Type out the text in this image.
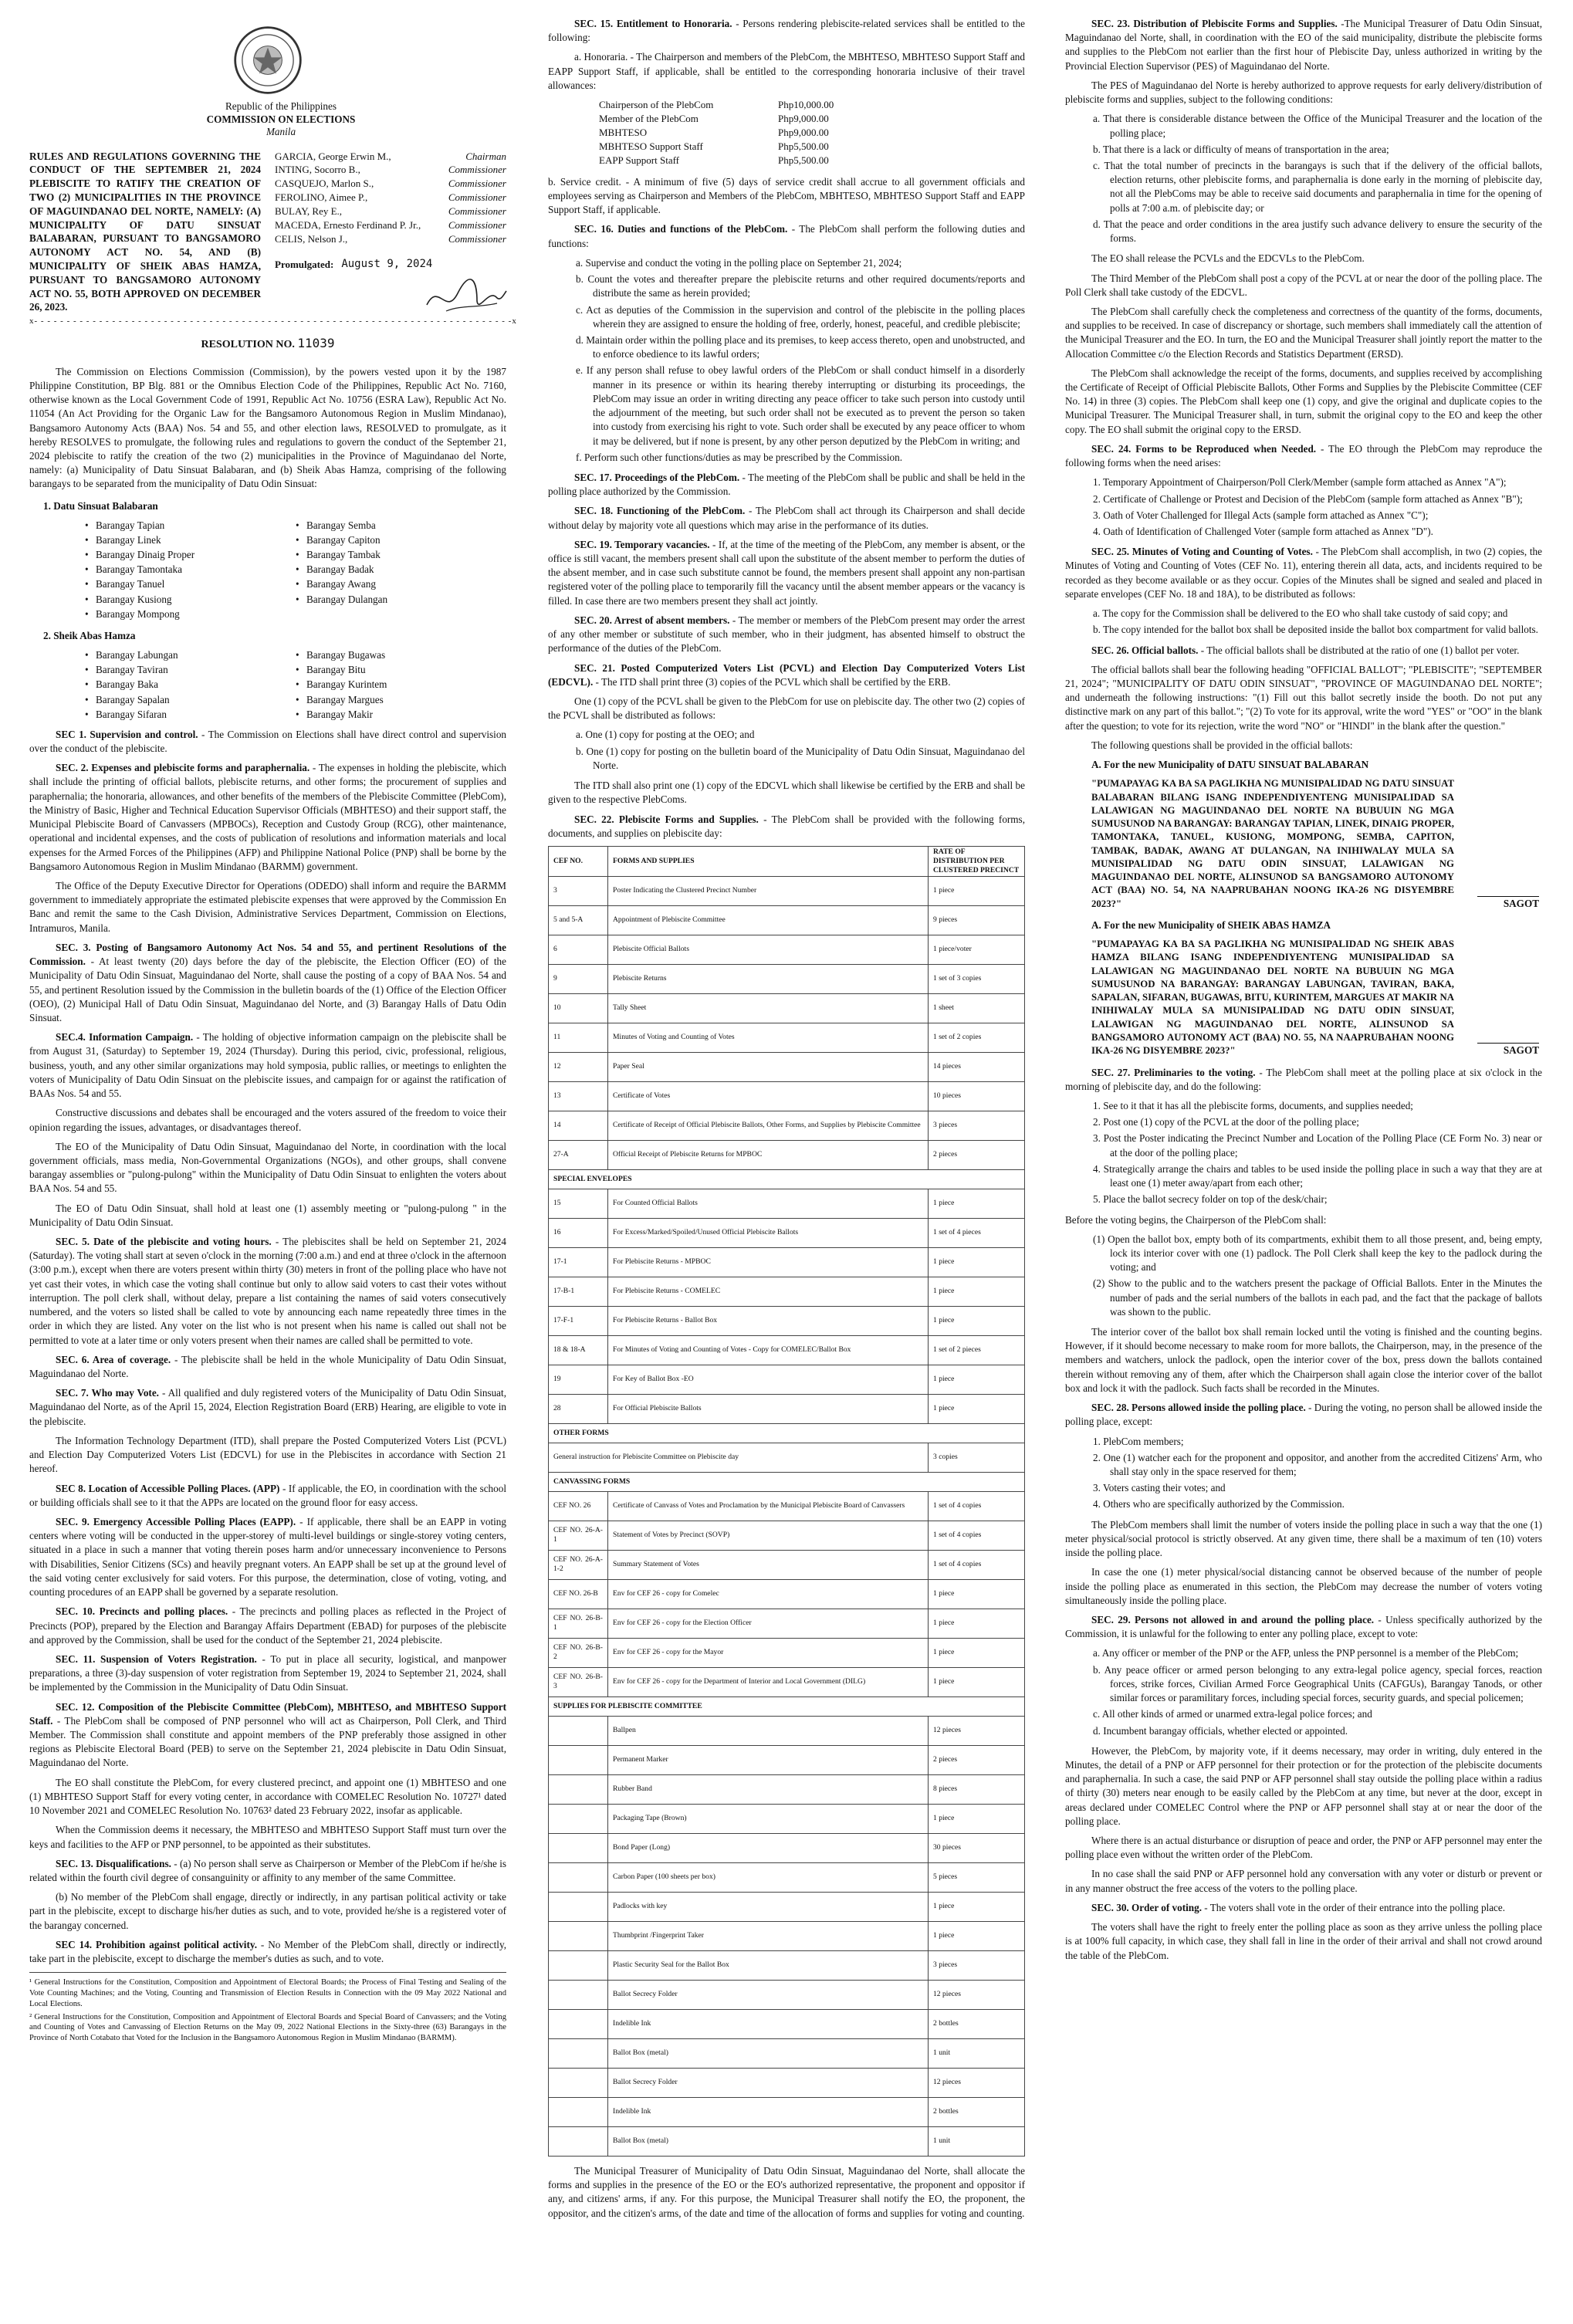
Republic of the Philippines

COMMISSION ON ELECTIONS

Manila

RULES AND REGULATIONS GOVERNING THE CONDUCT OF THE SEPTEMBER 21, 2024 PLEBISCITE TO RATIFY THE CREATION OF TWO (2) MUNICIPALITIES IN THE PROVINCE OF MAGUINDANAO DEL NORTE, NAMELY: (A) MUNICIPALITY OF DATU SINSUAT BALABARAN, PURSUANT TO BANGSAMORO AUTONOMY ACT NO. 54, AND (B) MUNICIPALITY OF SHEIK ABAS HAMZA, PURSUANT TO BANGSAMORO AUTONOMY ACT NO. 55, BOTH APPROVED ON DECEMBER 26, 2023.
GARCIA, George Erwin M.,	Chairman
INTING, Socorro B.,	Commissioner
CASQUEJO, Marlon S.,	Commissioner
FEROLINO, Aimee P.,	Commissioner
BULAY, Rey E.,	Commissioner
MACEDA, Ernesto Ferdinand P. Jr.,	Commissioner
CELIS, Nelson J.,	Commissioner
Promulgated: August 9, 2024
x- - - - - - - - - - - - - - - - - - - - - - - - - - - - - - - - - - - - - - - - - - - - - - - - - - - - - - - - - - - - - - - - - - - - - - - - - -x
RESOLUTION NO. 11039

The Commission on Elections Commission (Commission), by the powers vested upon it by the 1987 Philippine Constitution, BP Blg. 881 or the Omnibus Election Code of the Philippines, Republic Act No. 7160, otherwise known as the Local Government Code of 1991, Republic Act No. 10756 (ESRA Law), Republic Act No. 11054 (An Act Providing for the Organic Law for the Bangsamoro Autonomous Region in Muslim Mindanao), Bangsamoro Autonomy Acts (BAA) Nos. 54 and 55, and other election laws, RESOLVED to promulgate, as it hereby RESOLVES to promulgate, the following rules and regulations to govern the conduct of the September 21, 2024 plebiscite to ratify the creation of the two (2) municipalities in the Province of Maguindanao del Norte, namely: (a) Municipality of Datu Sinsuat Balabaran, and (b) Sheik Abas Hamza, comprising of the following barangays to be separated from the municipality of Datu Odin Sinsuat:

1. Datu Sinsuat Balabaran
• Barangay Tapian	• Barangay Semba
• Barangay Linek	• Barangay Capiton
• Barangay Dinaig Proper	• Barangay Tambak
• Barangay Tamontaka	• Barangay Badak
• Barangay Tanuel	• Barangay Awang
• Barangay Kusiong	• Barangay Dulangan
• Barangay Mompong
2. Sheik Abas Hamza
• Barangay Labungan	• Barangay Bugawas
• Barangay Taviran	• Barangay Bitu
• Barangay Baka	• Barangay Kurintem
• Barangay Sapalan	• Barangay Margues
• Barangay Sifaran	• Barangay Makir

SEC 1. Supervision and control. - The Commission on Elections shall have direct control and supervision over the conduct of the plebiscite.

SEC. 2. Expenses and plebiscite forms and paraphernalia. - The expenses in holding the plebiscite, which shall include the printing of official ballots, plebiscite returns, and other forms; the procurement of supplies and paraphernalia; the honoraria, allowances, and other benefits of the members of the Plebiscite Committee (PlebCom), the Ministry of Basic, Higher and Technical Education Supervisor Officials (MBHTESO) and their support staff, the Municipal Plebiscite Board of Canvassers (MPBOCs), Reception and Custody Group (RCG), other maintenance, operational and incidental expenses, and the costs of publication of resolutions and information materials and local expenses for the Armed Forces of the Philippines (AFP) and Philippine National Police (PNP) shall be borne by the Bangsamoro Autonomous Region in Muslim Mindanao (BARMM) government.

The Office of the Deputy Executive Director for Operations (ODEDO) shall inform and require the BARMM government to immediately appropriate the estimated plebiscite expenses that were approved by the Commission En Banc and remit the same to the Cash Division, Administrative Services Department, Commission on Elections, Intramuros, Manila.

SEC. 3. Posting of Bangsamoro Autonomy Act Nos. 54 and 55, and pertinent Resolutions of the Commission. - At least twenty (20) days before the day of the plebiscite, the Election Officer (EO) of the Municipality of Datu Odin Sinsuat, Maguindanao del Norte, shall cause the posting of a copy of BAA Nos. 54 and 55, and pertinent Resolution issued by the Commission in the bulletin boards of the (1) Office of the Election Officer (OEO), (2) Municipal Hall of Datu Odin Sinsuat, Maguindanao del Norte, and (3) Barangay Halls of Datu Odin Sinsuat.

SEC.4. Information Campaign. - The holding of objective information campaign on the plebiscite shall be from August 31, (Saturday) to September 19, 2024 (Thursday). During this period, civic, professional, religious, business, youth, and any other similar organizations may hold symposia, public rallies, or meetings to enlighten the voters of Municipality of Datu Odin Sinsuat on the plebiscite issues, and campaign for or against the ratification of BAAs Nos. 54 and 55.

Constructive discussions and debates shall be encouraged and the voters assured of the freedom to voice their opinion regarding the issues, advantages, or disadvantages thereof.

The EO of the Municipality of Datu Odin Sinsuat, Maguindanao del Norte, in coordination with the local government officials, mass media, Non-Governmental Organizations (NGOs), and other groups, shall convene barangay assemblies or "pulong-pulong" within the Municipality of Datu Odin Sinsuat to enlighten the voters about BAA Nos. 54 and 55.

The EO of Datu Odin Sinsuat, shall hold at least one (1) assembly meeting or "pulong-pulong " in the Municipality of Datu Odin Sinsuat.

SEC. 5. Date of the plebiscite and voting hours. - The plebiscites shall be held on September 21, 2024 (Saturday). The voting shall start at seven o'clock in the morning (7:00 a.m.) and end at three o'clock in the afternoon (3:00 p.m.), except when there are voters present within thirty (30) meters in front of the polling place who have not yet cast their votes, in which case the voting shall continue but only to allow said voters to cast their votes without interruption. The poll clerk shall, without delay, prepare a list containing the names of said voters consecutively numbered, and the voters so listed shall be called to vote by announcing each name repeatedly three times in the order in which they are listed. Any voter on the list who is not present when his name is called out shall not be permitted to vote at a later time or only voters present when their names are called shall be permitted to vote.

SEC. 6. Area of coverage. - The plebiscite shall be held in the whole Municipality of Datu Odin Sinsuat, Maguindanao del Norte.

SEC. 7. Who may Vote. - All qualified and duly registered voters of the Municipality of Datu Odin Sinsuat, Maguindanao del Norte, as of the April 15, 2024, Election Registration Board (ERB) Hearing, are eligible to vote in the plebiscite.

The Information Technology Department (ITD), shall prepare the Posted Computerized Voters List (PCVL) and Election Day Computerized Voters List (EDCVL) for use in the Plebiscites in accordance with Section 21 hereof.

SEC 8. Location of Accessible Polling Places. (APP) - If applicable, the EO, in coordination with the school or building officials shall see to it that the APPs are located on the ground floor for easy access.

SEC. 9. Emergency Accessible Polling Places (EAPP). - If applicable, there shall be an EAPP in voting centers where voting will be conducted in the upper-storey of multi-level buildings or single-storey voting centers, situated in a place in such a manner that voting therein poses harm and/or unnecessary inconvenience to Persons with Disabilities, Senior Citizens (SCs) and heavily pregnant voters. An EAPP shall be set up at the ground level of the said voting center exclusively for said voters. For this purpose, the determination, close of voting, voting, and counting procedures of an EAPP shall be governed by a separate resolution.

SEC. 10. Precincts and polling places. - The precincts and polling places as reflected in the Project of Precincts (POP), prepared by the Election and Barangay Affairs Department (EBAD) for purposes of the plebiscite and approved by the Commission, shall be used for the conduct of the September 21, 2024 plebiscite.

SEC. 11. Suspension of Voters Registration. - To put in place all security, logistical, and manpower preparations, a three (3)-day suspension of voter registration from September 19, 2024 to September 21, 2024, shall be implemented by the Commission in the Municipality of Datu Odin Sinsuat.

SEC. 12. Composition of the Plebiscite Committee (PlebCom), MBHTESO, and MBHTESO Support Staff. - The PlebCom shall be composed of PNP personnel who will act as Chairperson, Poll Clerk, and Third Member. The Commission shall constitute and appoint members of the PNP preferably those assigned in other regions as Plebiscite Electoral Board (PEB) to serve on the September 21, 2024 plebiscite in Datu Odin Sinsuat, Maguindanao del Norte.

The EO shall constitute the PlebCom, for every clustered precinct, and appoint one (1) MBHTESO and one (1) MBHTESO Support Staff for every voting center, in accordance with COMELEC Resolution No. 10727¹ dated 10 November 2021 and COMELEC Resolution No. 10763² dated 23 February 2022, insofar as applicable.

When the Commission deems it necessary, the MBHTESO and MBHTESO Support Staff must turn over the keys and facilities to the AFP or PNP personnel, to be appointed as their substitutes.

SEC. 13. Disqualifications. - (a) No person shall serve as Chairperson or Member of the PlebCom if he/she is related within the fourth civil degree of consanguinity or affinity to any member of the same Committee.

(b) No member of the PlebCom shall engage, directly or indirectly, in any partisan political activity or take part in the plebiscite, except to discharge his/her duties as such, and to vote, provided he/she is a registered voter of the barangay concerned.

SEC 14. Prohibition against political activity. - No Member of the PlebCom shall, directly or indirectly, take part in the plebiscite, except to discharge the member's duties as such, and to vote.

¹ General Instructions for the Constitution, Composition and Appointment of Electoral Boards; the Process of Final Testing and Sealing of the Vote Counting Machines; and the Voting, Counting and Transmission of Election Results in Connection with the 09 May 2022 National and Local Elections.
² General Instructions for the Constitution, Composition and Appointment of Electoral Boards and Special Board of Canvassers; and the Voting and Counting of Votes and Canvassing of Election Returns on the May 09, 2022 National Elections in the Sixty-three (63) Barangays in the Province of North Cotabato that Voted for the Inclusion in the Bangsamoro Autonomous Region in Muslim Mindanao (BARMM).

SEC. 15. Entitlement to Honoraria. - Persons rendering plebiscite-related services shall be entitled to the following:

a. Honoraria. - The Chairperson and members of the PlebCom, the MBHTESO, MBHTESO Support Staff and EAPP Support Staff, if applicable, shall be entitled to the corresponding honoraria inclusive of their travel allowances:

Chairperson of the PlebCom	Php10,000.00
Member of the PlebCom	Php9,000.00
MBHTESO	Php9,000.00
MBHTESO Support Staff	Php5,500.00
EAPP Support Staff	Php5,500.00

b. Service credit. - A minimum of five (5) days of service credit shall accrue to all government officials and employees serving as Chairperson and Members of the PlebCom, MBHTESO, MBHTESO Support Staff and EAPP Support Staff, if applicable.

SEC. 16. Duties and functions of the PlebCom. - The PlebCom shall perform the following duties and functions:

a. Supervise and conduct the voting in the polling place on September 21, 2024;
b. Count the votes and thereafter prepare the plebiscite returns and other required documents/reports and distribute the same as herein provided;
c. Act as deputies of the Commission in the supervision and control of the plebiscite in the polling places wherein they are assigned to ensure the holding of free, orderly, honest, peaceful, and credible plebiscite;
d. Maintain order within the polling place and its premises, to keep access thereto, open and unobstructed, and to enforce obedience to its lawful orders;
e. If any person shall refuse to obey lawful orders of the PlebCom or shall conduct himself in a disorderly manner in its presence or within its hearing thereby interrupting or disturbing its proceedings, the PlebCom may issue an order in writing directing any peace officer to take such person into custody until the adjournment of the meeting, but such order shall not be executed as to prevent the person so taken into custody from exercising his right to vote. Such order shall be executed by any peace officer to whom it may be delivered, but if none is present, by any other person deputized by the PlebCom in writing; and
f. Perform such other functions/duties as may be prescribed by the Commission.

SEC. 17. Proceedings of the PlebCom. - The meeting of the PlebCom shall be public and shall be held in the polling place authorized by the Commission.

SEC. 18. Functioning of the PlebCom. - The PlebCom shall act through its Chairperson and shall decide without delay by majority vote all questions which may arise in the performance of its duties.

SEC. 19. Temporary vacancies. - If, at the time of the meeting of the PlebCom, any member is absent, or the office is still vacant, the members present shall call upon the substitute of the absent member to perform the duties of the absent member, and in case such substitute cannot be found, the members present shall appoint any non-partisan registered voter of the polling place to temporarily fill the vacancy until the absent member appears or the vacancy is filled. In case there are two members present they shall act jointly.

SEC. 20. Arrest of absent members. - The member or members of the PlebCom present may order the arrest of any other member or substitute of such member, who in their judgment, has absented himself to obstruct the performance of the duties of the PlebCom.

SEC. 21. Posted Computerized Voters List (PCVL) and Election Day Computerized Voters List (EDCVL). - The ITD shall print three (3) copies of the PCVL which shall be certified by the ERB.

One (1) copy of the PCVL shall be given to the PlebCom for use on plebiscite day. The other two (2) copies of the PCVL shall be distributed as follows:

a. One (1) copy for posting at the OEO; and
b. One (1) copy for posting on the bulletin board of the Municipality of Datu Odin Sinsuat, Maguindanao del Norte.

The ITD shall also print one (1) copy of the EDCVL which shall likewise be certified by the ERB and shall be given to the respective PlebComs.

SEC. 22. Plebiscite Forms and Supplies. - The PlebCom shall be provided with the following forms, documents, and supplies on plebiscite day:

CEF NO.	FORMS AND SUPPLIES	RATE OF DISTRIBUTION PER CLUSTERED PRECINCT
3	Poster Indicating the Clustered Precinct Number	1 piece
5 and 5-A	Appointment of Plebiscite Committee	9 pieces
6	Plebiscite Official Ballots	1 piece/voter
9	Plebiscite Returns	1 set of 3 copies
10	Tally Sheet	1 sheet
11	Minutes of Voting and Counting of Votes	1 set of 2 copies
12	Paper Seal	14 pieces
13	Certificate of Votes	10 pieces
14	Certificate of Receipt of Official Plebiscite Ballots, Other Forms, and Supplies by Plebiscite Committee	3 pieces
27-A	Official Receipt of Plebiscite Returns for MPBOC	2 pieces
SPECIAL ENVELOPES		
15	For Counted Official Ballots	1 piece
16	For Excess/Marked/Spoiled/Unused Official Plebiscite Ballots	1 set of 4 pieces
17-1	For Plebiscite Returns - MPBOC	1 piece
17-B-1	For Plebiscite Returns - COMELEC	1 piece
17-F-1	For Plebiscite Returns - Ballot Box	1 piece
18 & 18-A	For Minutes of Voting and Counting of Votes - Copy for COMELEC/Ballot Box	1 set of 2 pieces
19	For Key of Ballot Box -EO	1 piece
28	For Official Plebiscite Ballots	1 piece
OTHER FORMS		
General instruction for Plebiscite Committee on Plebiscite day		3 copies
CANVASSING FORMS		
CEF NO. 26	Certificate of Canvass of Votes and Proclamation by the Municipal Plebiscite Board of Canvassers	1 set of 4 copies
CEF NO. 26-A-1	Statement of Votes by Precinct (SOVP)	1 set of 4 copies
CEF NO. 26-A-1-2	Summary Statement of Votes	1 set of 4 copies
CEF NO. 26-B	Env for CEF 26 - copy for Comelec	1 piece
CEF NO. 26-B-1	Env for CEF 26 - copy for the Election Officer	1 piece
CEF NO. 26-B-2	Env for CEF 26 - copy for the Mayor	1 piece
CEF NO. 26-B-3	Env for CEF 26 - copy for the Department of Interior and Local Government (DILG)	1 piece
SUPPLIES FOR PLEBISCITE COMMITTEE		
	Ballpen	12 pieces
	Permanent Marker	2 pieces
	Rubber Band	8 pieces
	Packaging Tape (Brown)	1 piece
	Bond Paper (Long)	30 pieces
	Carbon Paper (100 sheets per box)	5 pieces
	Padlocks with key	1 piece
	Thumbprint /Fingerprint Taker	1 piece
	Plastic Security Seal for the Ballot Box	3 pieces
	Ballot Secrecy Folder	12 pieces
	Indelible Ink	2 bottles
	Ballot Box (metal)	1 unit
	Ballot Secrecy Folder	12 pieces
	Indelible Ink	2 bottles
	Ballot Box (metal)	1 unit

The Municipal Treasurer of Municipality of Datu Odin Sinsuat, Maguindanao del Norte, shall allocate the forms and supplies in the presence of the EO or the EO's authorized representative, the proponent and oppositor if any, and citizens' arms, if any. For this purpose, the Municipal Treasurer shall notify the EO, the proponent, the oppositor, and the citizen's arms, of the date and time of the allocation of forms and supplies for voting and counting.

SEC. 23. Distribution of Plebiscite Forms and Supplies. -The Municipal Treasurer of Datu Odin Sinsuat, Maguindanao del Norte, shall, in coordination with the EO of the said municipality, distribute the plebiscite forms and supplies to the PlebCom not earlier than the first hour of Plebiscite Day, unless authorized in writing by the Provincial Election Supervisor (PES) of Maguindanao del Norte.

The PES of Maguindanao del Norte is hereby authorized to approve requests for early delivery/distribution of plebiscite forms and supplies, subject to the following conditions:

a. That there is considerable distance between the Office of the Municipal Treasurer and the location of the polling place;
b. That there is a lack or difficulty of means of transportation in the area;
c. That the total number of precincts in the barangays is such that if the delivery of the official ballots, election returns, other plebiscite forms, and paraphernalia is done early in the morning of plebiscite day, not all the PlebComs may be able to receive said documents and paraphernalia in time for the opening of polls at 7:00 a.m. of plebiscite day; or
d. That the peace and order conditions in the area justify such advance delivery to ensure the security of the forms.

The EO shall release the PCVLs and the EDCVLs to the PlebCom.

The Third Member of the PlebCom shall post a copy of the PCVL at or near the door of the polling place. The Poll Clerk shall take custody of the EDCVL.

The PlebCom shall carefully check the completeness and correctness of the quantity of the forms, documents, and supplies to be received. In case of discrepancy or shortage, such members shall immediately call the attention of the Municipal Treasurer and the EO. In turn, the EO and the Municipal Treasurer shall jointly report the matter to the Allocation Committee c/o the Election Records and Statistics Department (ERSD).

The PlebCom shall acknowledge the receipt of the forms, documents, and supplies received by accomplishing the Certificate of Receipt of Official Plebiscite Ballots, Other Forms and Supplies by the Plebiscite Committee (CEF No. 14) in three (3) copies. The PlebCom shall keep one (1) copy, and give the original and duplicate copies to the Municipal Treasurer. The Municipal Treasurer shall, in turn, submit the original copy to the EO and keep the other copy. The EO shall submit the original copy to the ERSD.

SEC. 24. Forms to be Reproduced when Needed. - The EO through the PlebCom may reproduce the following forms when the need arises:

1. Temporary Appointment of Chairperson/Poll Clerk/Member (sample form attached as Annex "A");
2. Certificate of Challenge or Protest and Decision of the PlebCom (sample form attached as Annex "B");
3. Oath of Voter Challenged for Illegal Acts (sample form attached as Annex "C");
4. Oath of Identification of Challenged Voter (sample form attached as Annex "D").

SEC. 25. Minutes of Voting and Counting of Votes. - The PlebCom shall accomplish, in two (2) copies, the Minutes of Voting and Counting of Votes (CEF No. 11), entering therein all data, acts, and incidents required to be recorded as they become available or as they occur. Copies of the Minutes shall be signed and sealed and placed in separate envelopes (CEF No. 18 and 18A), to be distributed as follows:

a. The copy for the Commission shall be delivered to the EO who shall take custody of said copy; and
b. The copy intended for the ballot box shall be deposited inside the ballot box compartment for valid ballots.

SEC. 26. Official ballots. - The official ballots shall be distributed at the ratio of one (1) ballot per voter.

The official ballots shall bear the following heading "OFFICIAL BALLOT"; "PLEBISCITE"; "SEPTEMBER 21, 2024"; "MUNICIPALITY OF DATU ODIN SINSUAT", "PROVINCE OF MAGUINDANAO DEL NORTE"; and underneath the following instructions: "(1) Fill out this ballot secretly inside the booth. Do not put any distinctive mark on any part of this ballot."; "(2) To vote for its approval, write the word "YES" or "OO" in the blank after the question; to vote for its rejection, write the word "NO" or "HINDI" in the blank after the question."

The following questions shall be provided in the official ballots:

A. For the new Municipality of DATU SINSUAT BALABARAN

"PUMAPAYAG KA BA SA PAGLIKHA NG MUNISIPALIDAD NG DATU SINSUAT BALABARAN BILANG ISANG INDEPENDIYENTENG MUNISIPALIDAD SA LALAWIGAN NG MAGUINDANAO DEL NORTE NA BUBUUIN NG MGA SUMUSUNOD NA BARANGAY: BARANGAY TAPIAN, LINEK, DINAIG PROPER, TAMONTAKA, TANUEL, KUSIONG, MOMPONG, SEMBA, CAPITON, TAMBAK, BADAK, AWANG AT DULANGAN, NA INIHIWALAY MULA SA MUNISIPALIDAD NG DATU ODIN SINSUAT, LALAWIGAN NG MAGUINDANAO DEL NORTE, ALINSUNOD SA BANGSAMORO AUTONOMY ACT (BAA) NO. 54, NA NAAPRUBAHAN NOONG IKA-26 NG DISYEMBRE 2023?"	SAGOT

A. For the new Municipality of SHEIK ABAS HAMZA

"PUMAPAYAG KA BA SA PAGLIKHA NG MUNISIPALIDAD NG SHEIK ABAS HAMZA BILANG ISANG INDEPENDIYENTENG MUNISIPALIDAD SA LALAWIGAN NG MAGUINDANAO DEL NORTE NA BUBUUIN NG MGA SUMUSUNOD NA BARANGAY: BARANGAY LABUNGAN, TAVIRAN, BAKA, SAPALAN, SIFARAN, BUGAWAS, BITU, KURINTEM, MARGUES AT MAKIR NA INIHIWALAY MULA SA MUNISIPALIDAD NG DATU ODIN SINSUAT, LALAWIGAN NG MAGUINDANAO DEL NORTE, ALINSUNOD SA BANGSAMORO AUTONOMY ACT (BAA) NO. 55, NA NAAPRUBAHAN NOONG IKA-26 NG DISYEMBRE 2023?"	SAGOT

SEC. 27. Preliminaries to the voting. - The PlebCom shall meet at the polling place at six o'clock in the morning of plebiscite day, and do the following:

1. See to it that it has all the plebiscite forms, documents, and supplies needed;
2. Post one (1) copy of the PCVL at the door of the polling place;
3. Post the Poster indicating the Precinct Number and Location of the Polling Place (CE Form No. 3) near or at the door of the polling place;
4. Strategically arrange the chairs and tables to be used inside the polling place in such a way that they are at least one (1) meter away/apart from each other;
5. Place the ballot secrecy folder on top of the desk/chair;

Before the voting begins, the Chairperson of the PlebCom shall:

(1) Open the ballot box, empty both of its compartments, exhibit them to all those present, and, being empty, lock its interior cover with one (1) padlock. The Poll Clerk shall keep the key to the padlock during the voting; and
(2) Show to the public and to the watchers present the package of Official Ballots. Enter in the Minutes the number of pads and the serial numbers of the ballots in each pad, and the fact that the package of ballots was shown to the public.

The interior cover of the ballot box shall remain locked until the voting is finished and the counting begins. However, if it should become necessary to make room for more ballots, the Chairperson, may, in the presence of the members and watchers, unlock the padlock, open the interior cover of the box, press down the ballots contained therein without removing any of them, after which the Chairperson shall again close the interior cover of the ballot box and lock it with the padlock. Such facts shall be recorded in the Minutes.

SEC. 28. Persons allowed inside the polling place. - During the voting, no person shall be allowed inside the polling place, except:

1. PlebCom members;
2. One (1) watcher each for the proponent and oppositor, and another from the accredited Citizens' Arm, who shall stay only in the space reserved for them;
3. Voters casting their votes; and
4. Others who are specifically authorized by the Commission.

The PlebCom members shall limit the number of voters inside the polling place in such a way that the one (1) meter physical/social protocol is strictly observed. At any given time, there shall be a maximum of ten (10) voters inside the polling place.

In case the one (1) meter physical/social distancing cannot be observed because of the number of people inside the polling place as enumerated in this section, the PlebCom may decrease the number of voters voting simultaneously inside the polling place.

SEC. 29. Persons not allowed in and around the polling place. - Unless specifically authorized by the Commission, it is unlawful for the following to enter any polling place, except to vote:

a. Any officer or member of the PNP or the AFP, unless the PNP personnel is a member of the PlebCom;
b. Any peace officer or armed person belonging to any extra-legal police agency, special forces, reaction forces, strike forces, Civilian Armed Force Geographical Units (CAFGUs), Barangay Tanods, or other similar forces or paramilitary forces, including special forces, security guards, and special policemen;
c. All other kinds of armed or unarmed extra-legal police forces; and
d. Incumbent barangay officials, whether elected or appointed.

However, the PlebCom, by majority vote, if it deems necessary, may order in writing, duly entered in the Minutes, the detail of a PNP or AFP personnel for their protection or for the protection of the plebiscite documents and paraphernalia. In such a case, the said PNP or AFP personnel shall stay outside the polling place within a radius of thirty (30) meters near enough to be easily called by the PlebCom at any time, but never at the door, except in areas declared under COMELEC Control where the PNP or AFP personnel shall stay at or near the door of the polling place.

Where there is an actual disturbance or disruption of peace and order, the PNP or AFP personnel may enter the polling place even without the written order of the PlebCom.

In no case shall the said PNP or AFP personnel hold any conversation with any voter or disturb or prevent or in any manner obstruct the free access of the voters to the polling place.

SEC. 30. Order of voting. - The voters shall vote in the order of their entrance into the polling place.

The voters shall have the right to freely enter the polling place as soon as they arrive unless the polling place is at 100% full capacity, in which case, they shall fall in line in the order of their arrival and shall not crowd around the table of the PlebCom.
